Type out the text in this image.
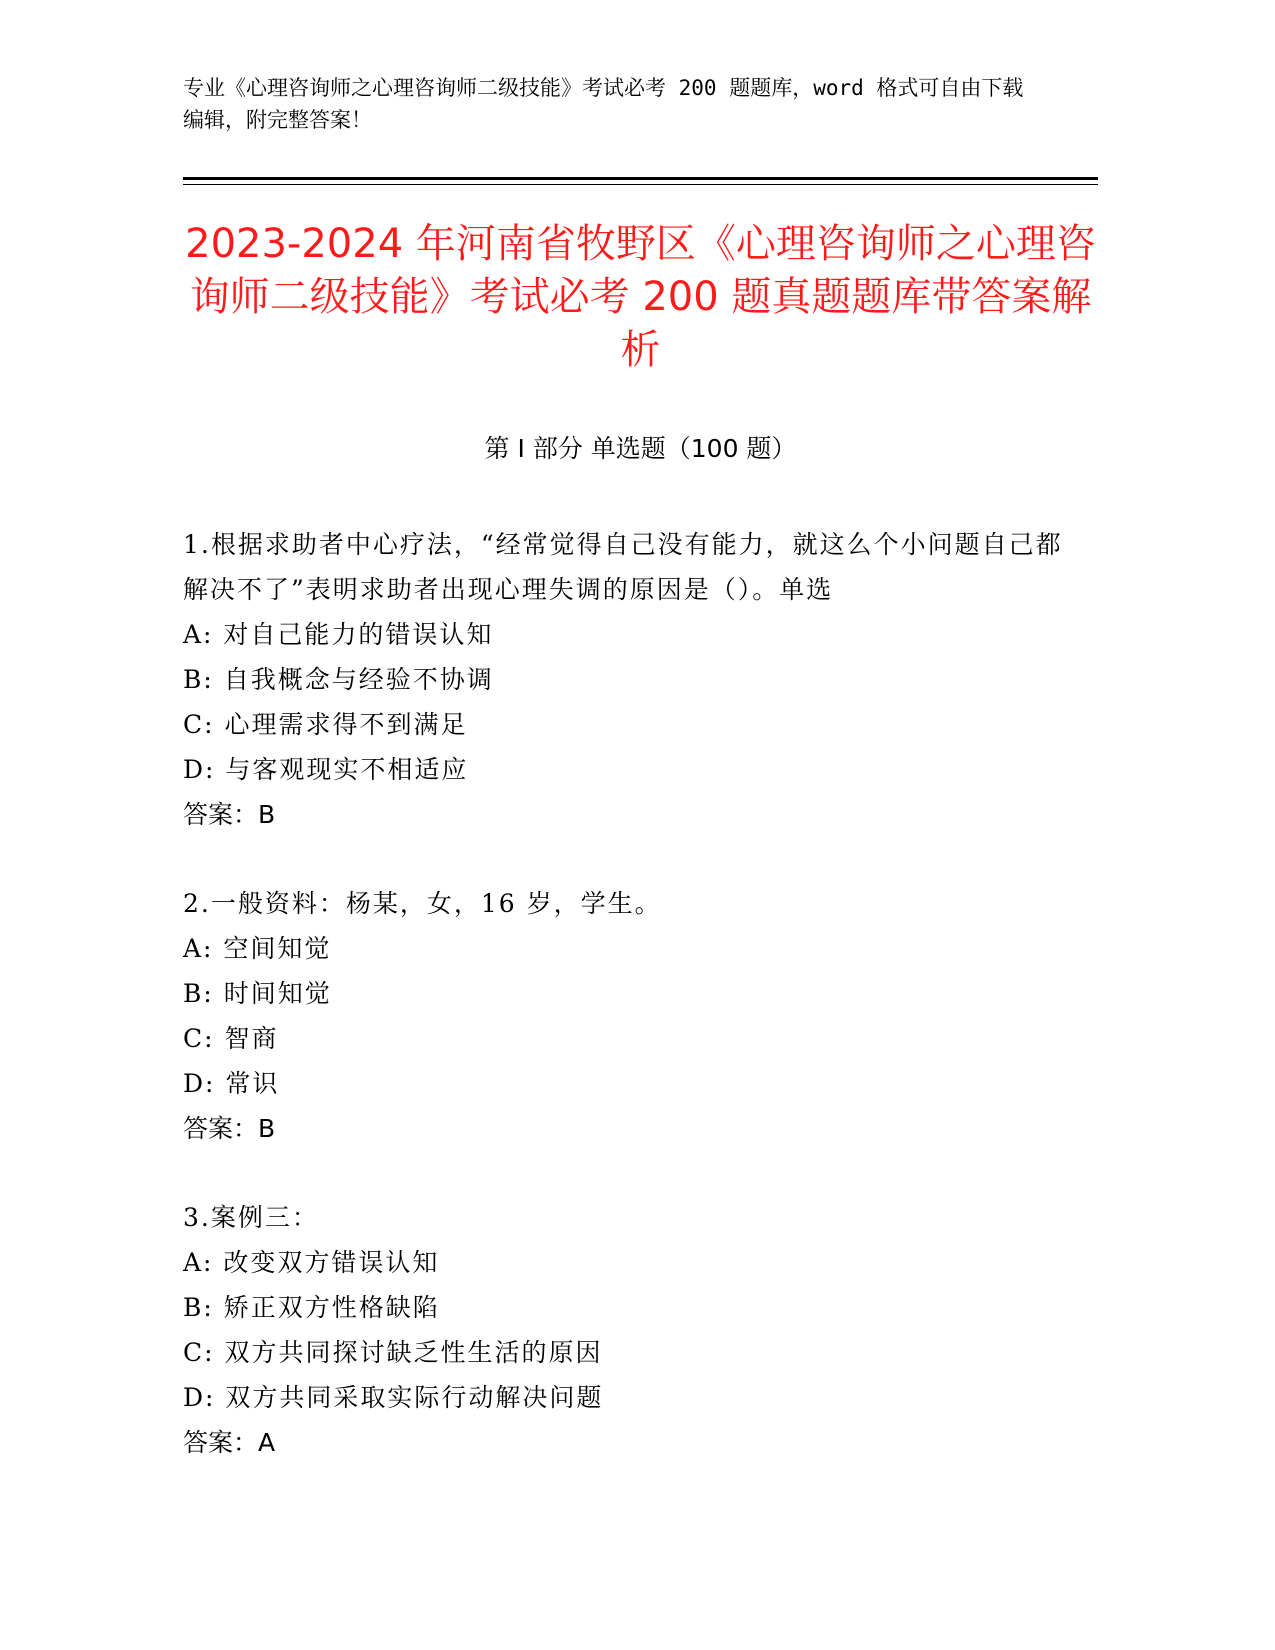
专业《心理咨询师之心理咨询师二级技能》考试必考 200 题题库，word 格式可自由下载编辑，附完整答案！
2023-2024 年河南省牧野区《心理咨询师之心理咨询师二级技能》考试必考 200 题真题题库带答案解析
第 I 部分 单选题（100 题）
1.根据求助者中心疗法，“经常觉得自己没有能力，就这么个小问题自己都解决不了”表明求助者出现心理失调的原因是（）。单选
A: 对自己能力的错误认知
B: 自我概念与经验不协调
C: 心理需求得不到满足
D: 与客观现实不相适应
答案：B
2.一般资料：杨某，女，16 岁，学生。
A: 空间知觉
B: 时间知觉
C: 智商
D: 常识
答案：B
3.案例三：
A: 改变双方错误认知
B: 矫正双方性格缺陷
C: 双方共同探讨缺乏性生活的原因
D: 双方共同采取实际行动解决问题
答案：A
